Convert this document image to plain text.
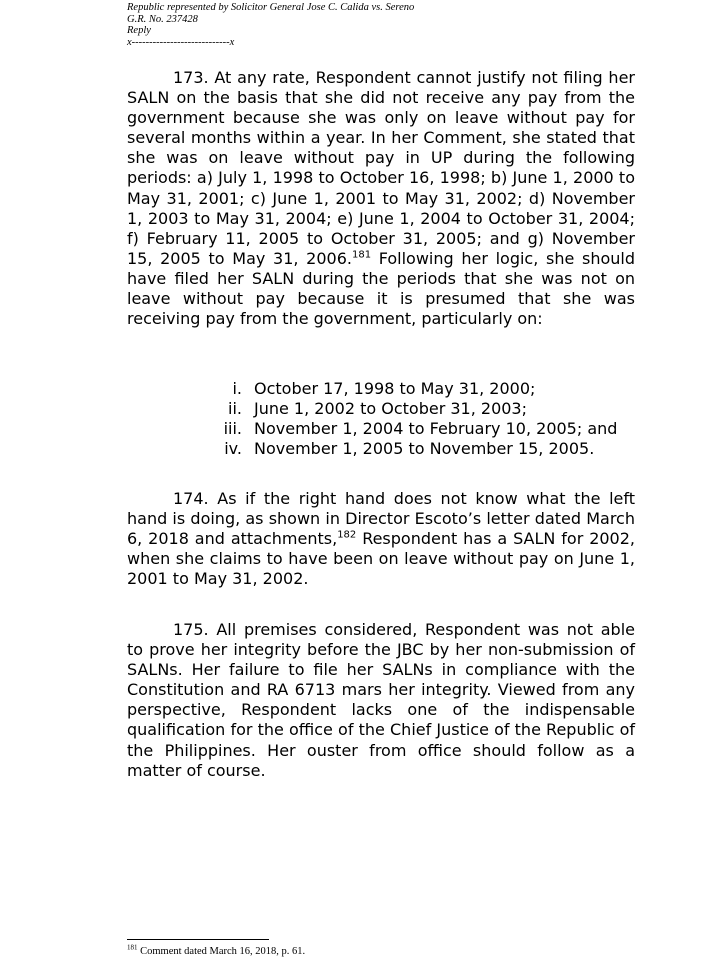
Republic represented by Solicitor General Jose C. Calida vs. Sereno
G.R. No. 237428
Reply
x----------------------------x

173. At any rate, Respondent cannot justify not filing her SALN on the basis that she did not receive any pay from the government because she was only on leave without pay for several months within a year. In her Comment, she stated that she was on leave without pay in UP during the following periods: a) July 1, 1998 to October 16, 1998; b) June 1, 2000 to May 31, 2001; c) June 1, 2001 to May 31, 2002; d) November 1, 2003 to May 31, 2004; e) June 1, 2004 to October 31, 2004; f) February 11, 2005 to October 31, 2005; and g) November 15, 2005 to May 31, 2006.$^{181}$ Following her logic, she should have filed her SALN during the periods that she was not on leave without pay because it is presumed that she was receiving pay from the government, particularly on:

i. October 17, 1998 to May 31, 2000;
ii. June 1, 2002 to October 31, 2003;
iii. November 1, 2004 to February 10, 2005; and
iv. November 1, 2005 to November 15, 2005.

174. As if the right hand does not know what the left hand is doing, as shown in Director Escoto’s letter dated March 6, 2018 and attachments,$^{182}$ Respondent has a SALN for 2002, when she claims to have been on leave without pay on June 1, 2001 to May 31, 2002.

175. All premises considered, Respondent was not able to prove her integrity before the JBC by her non-submission of SALNs. Her failure to file her SALNs in compliance with the Constitution and RA 6713 mars her integrity. Viewed from any perspective, Respondent lacks one of the indispensable qualification for the office of the Chief Justice of the Republic of the Philippines. Her ouster from office should follow as a matter of course.

$^{181}$ Comment dated March 16, 2018, p. 61.
